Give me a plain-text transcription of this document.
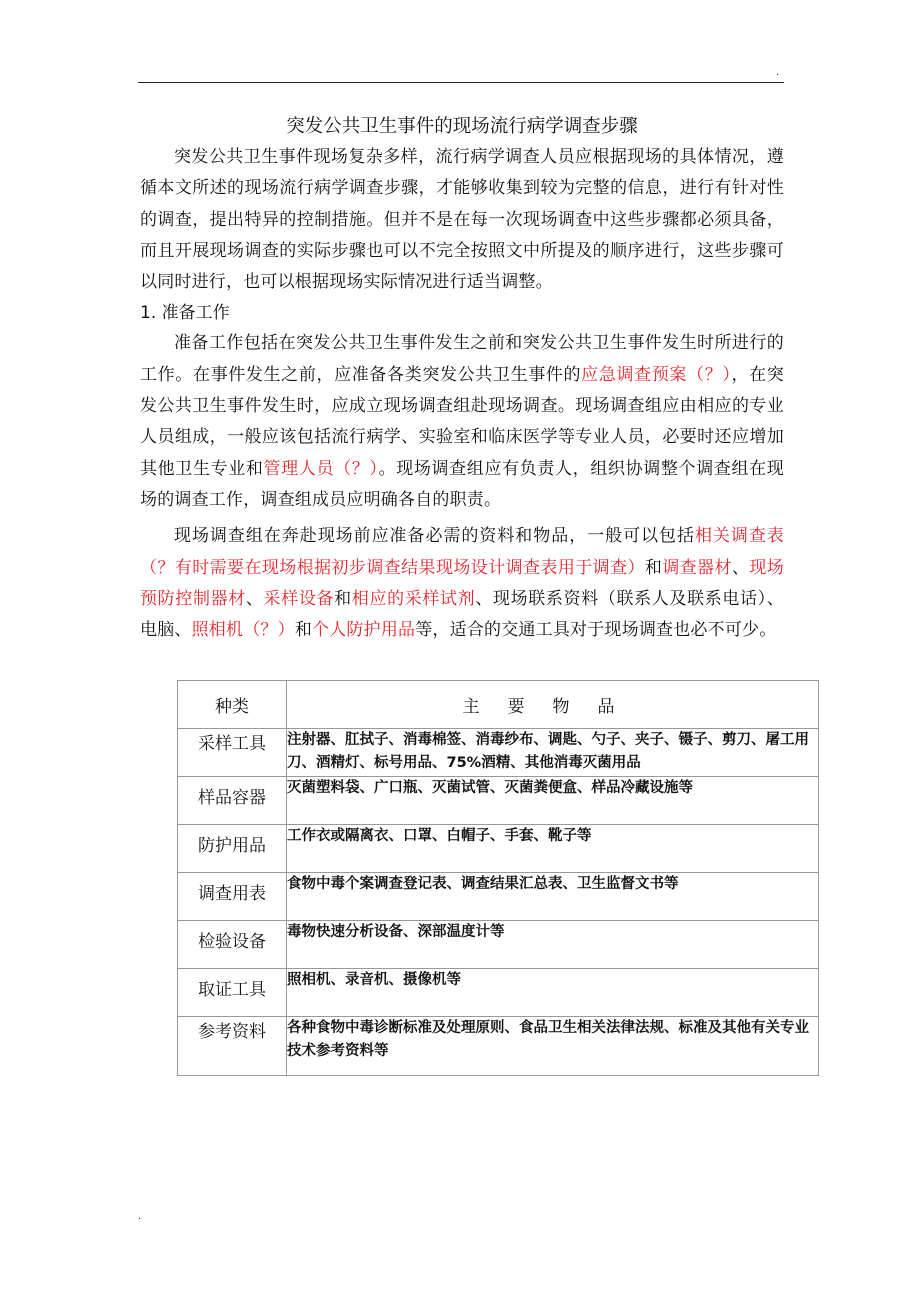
.
突发公共卫生事件的现场流行病学调查步骤

突发公共卫生事件现场复杂多样，流行病学调查人员应根据现场的具体情况，遵循本文所述的现场流行病学调查步骤，才能够收集到较为完整的信息，进行有针对性的调查，提出特异的控制措施。但并不是在每一次现场调查中这些步骤都必须具备，而且开展现场调查的实际步骤也可以不完全按照文中所提及的顺序进行，这些步骤可以同时进行，也可以根据现场实际情况进行适当调整。

1. 准备工作

准备工作包括在突发公共卫生事件发生之前和突发公共卫生事件发生时所进行的工作。在事件发生之前，应准备各类突发公共卫生事件的应急调查预案（？），在突发公共卫生事件发生时，应成立现场调查组赴现场调查。现场调查组应由相应的专业人员组成，一般应该包括流行病学、实验室和临床医学等专业人员，必要时还应增加其他卫生专业和管理人员（？）。现场调查组应有负责人，组织协调整个调查组在现场的调查工作，调查组成员应明确各自的职责。

现场调查组在奔赴现场前应准备必需的资料和物品，一般可以包括相关调查表（？有时需要在现场根据初步调查结果现场设计调查表用于调查）和调查器材、现场预防控制器材、采样设备和相应的采样试剂、现场联系资料（联系人及联系电话）、电脑、照相机（？）和个人防护用品等，适合的交通工具对于现场调查也必不可少。

种类	主要物品
采样工具	注射器、肛拭子、消毒棉签、消毒纱布、调匙、勺子、夹子、镊子、剪刀、屠工用刀、酒精灯、标号用品、75%酒精、其他消毒灭菌用品

样品容器	灭菌塑料袋、广口瓶、灭菌试管、灭菌粪便盒、样品冷藏设施等

防护用品	工作衣或隔离衣、口罩、白帽子、手套、靴子等

调查用表	食物中毒个案调查登记表、调查结果汇总表、卫生监督文书等

检验设备	毒物快速分析设备、深部温度计等

取证工具	照相机、录音机、摄像机等
参考资料	各种食物中毒诊断标准及处理原则、食品卫生相关法律法规、标准及其他有关专业技术参考资料等
.
